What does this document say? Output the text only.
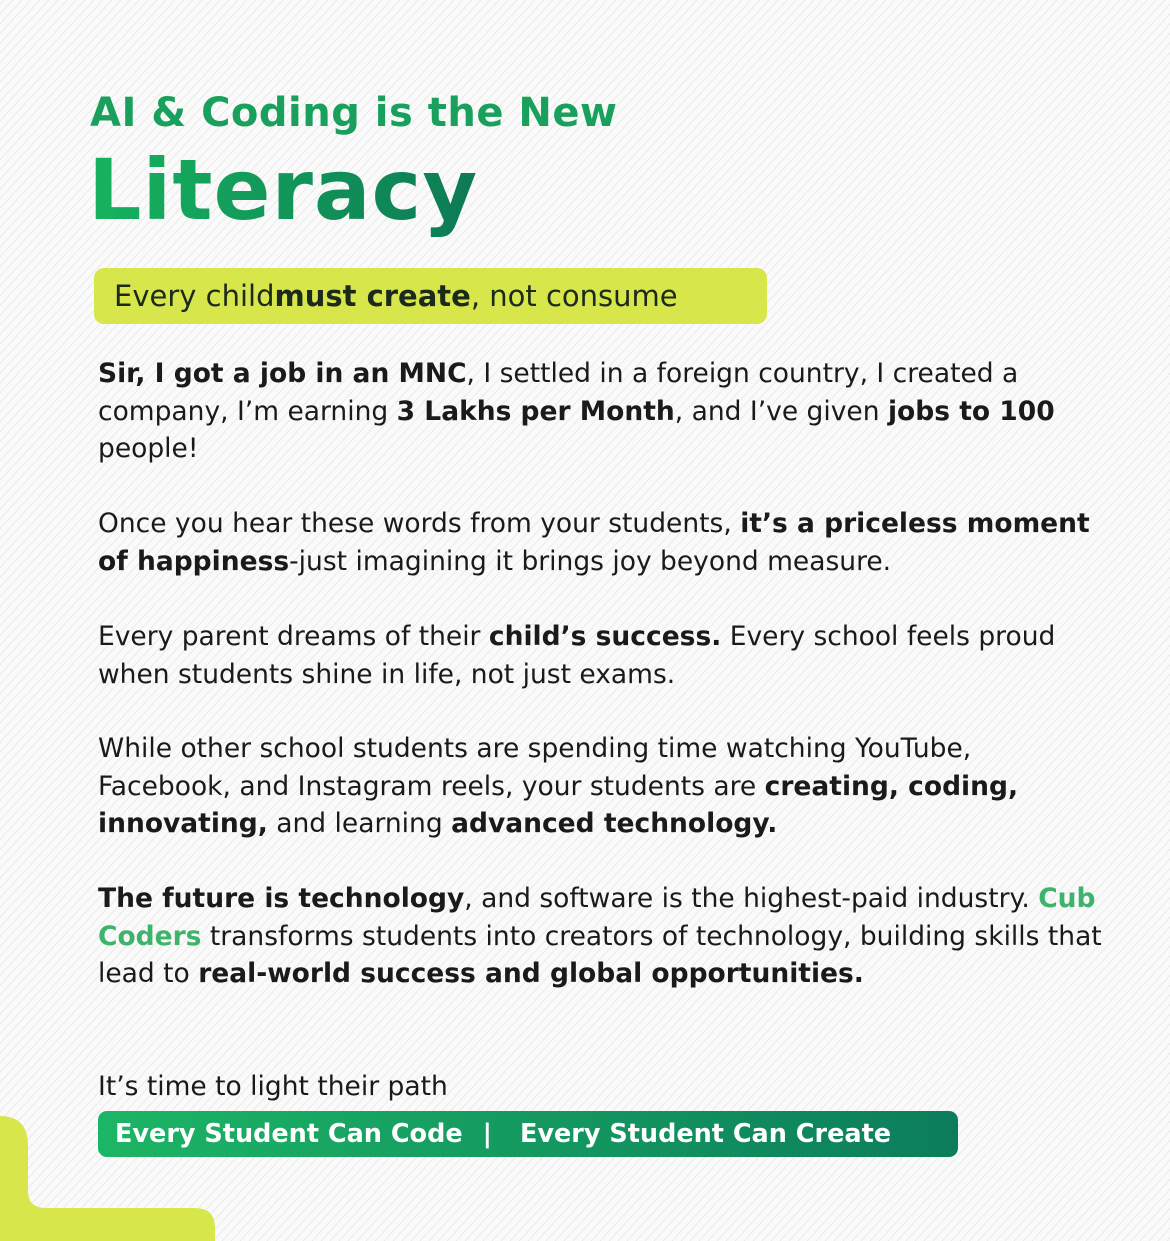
AI & Coding is the New
Literacy
Every child must create , not consume
Sir, I got a job in an MNC, I settled in a foreign country, I created a company, I’m earning 3 Lakhs per Month, and I’ve given jobs to 100 people!
Once you hear these words from your students, it’s a priceless moment of happiness-just imagining it brings joy beyond measure.
Every parent dreams of their child’s success. Every school feels proud when students shine in life, not just exams.
While other school students are spending time watching YouTube, Facebook, and Instagram reels, your students are creating, coding, innovating, and learning advanced technology.
The future is technology, and software is the highest-paid industry. Cub Coders transforms students into creators of technology, building skills that lead to real-world success and global opportunities.
It’s time to light their path
Every Student Can Code | Every Student Can Create
